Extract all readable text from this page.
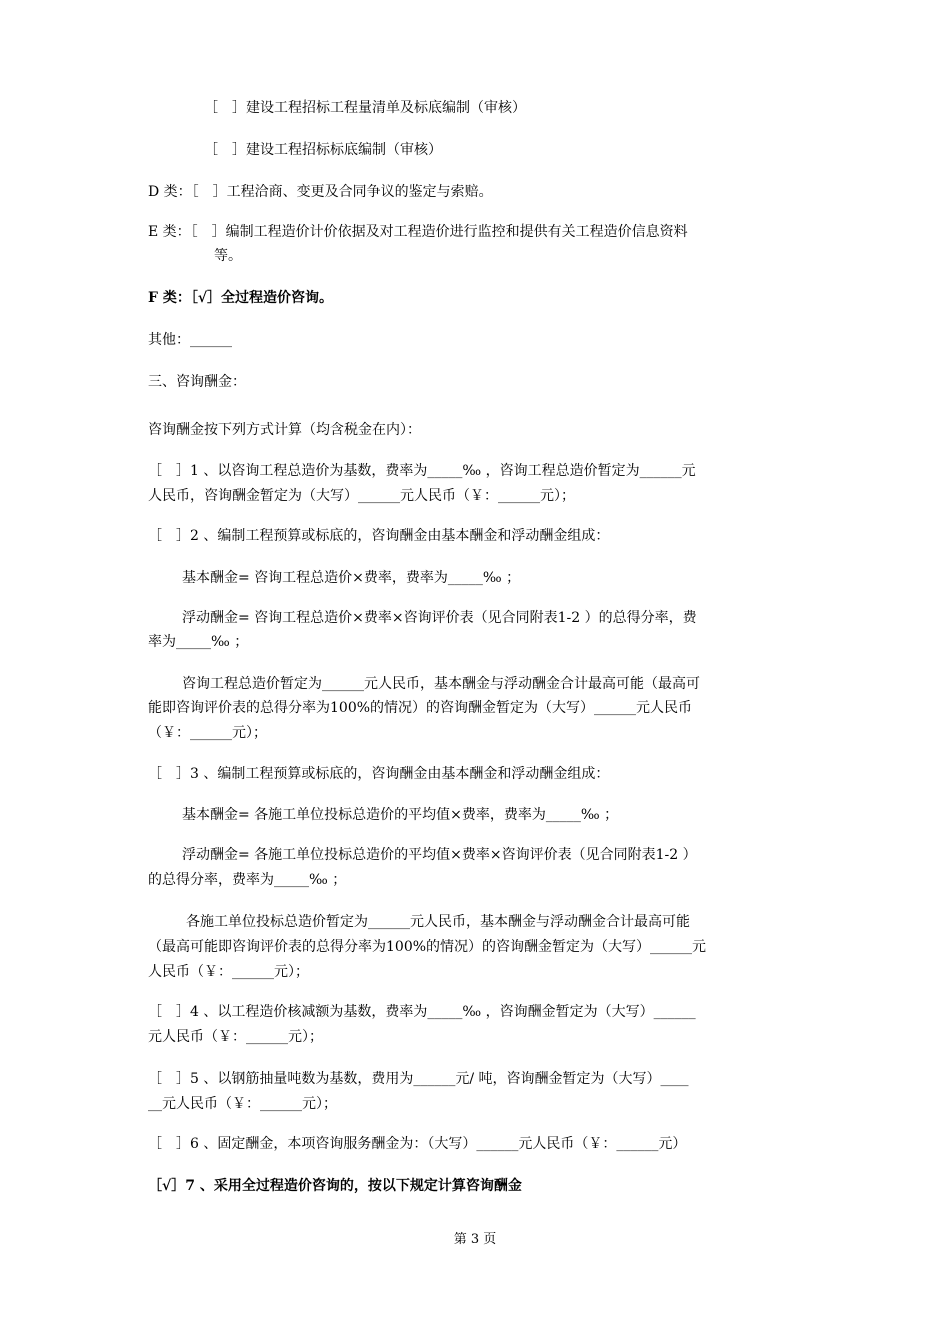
［　］建设工程招标工程量清单及标底编制（审核）
［　］建设工程招标标底编制（审核）
D 类：［　］工程洽商、变更及合同争议的鉴定与索赔。
E 类：［　］编制工程造价计价依据及对工程造价进行监控和提供有关工程造价信息资料
等。
F 类：［√］全过程造价咨询。
其他：______
三、咨询酬金：
咨询酬金按下列方式计算（均含税金在内）：
［　］1 、以咨询工程总造价为基数，费率为_____‰ ，咨询工程总造价暂定为______元
人民币，咨询酬金暂定为（大写）______元人民币（￥：______元）；
［　］2 、编制工程预算或标底的，咨询酬金由基本酬金和浮动酬金组成：
基本酬金= 咨询工程总造价×费率，费率为_____‰ ；
浮动酬金= 咨询工程总造价×费率×咨询评价表（见合同附表1-2 ）的总得分率，费
率为_____‰ ；
咨询工程总造价暂定为______元人民币，基本酬金与浮动酬金合计最高可能（最高可
能即咨询评价表的总得分率为100%的情况）的咨询酬金暂定为（大写）______元人民币
（￥：______元）；
［　］3 、编制工程预算或标底的，咨询酬金由基本酬金和浮动酬金组成：
基本酬金= 各施工单位投标总造价的平均值×费率，费率为_____‰ ；
浮动酬金= 各施工单位投标总造价的平均值×费率×咨询评价表（见合同附表1-2 ）
的总得分率，费率为_____‰ ；
各施工单位投标总造价暂定为______元人民币，基本酬金与浮动酬金合计最高可能
（最高可能即咨询评价表的总得分率为100%的情况）的咨询酬金暂定为（大写）______元
人民币（￥：______元）；
［　］4 、以工程造价核减额为基数，费率为_____‰ ，咨询酬金暂定为（大写）______
元人民币（￥：______元）；
［　］5 、以钢筋抽量吨数为基数，费用为______元/ 吨，咨询酬金暂定为（大写）____
__元人民币（￥：______元）；
［　］6 、固定酬金，本项咨询服务酬金为：（大写）______元人民币（￥：______元）
［√］7 、采用全过程造价咨询的，按以下规定计算咨询酬金
第 3 页
